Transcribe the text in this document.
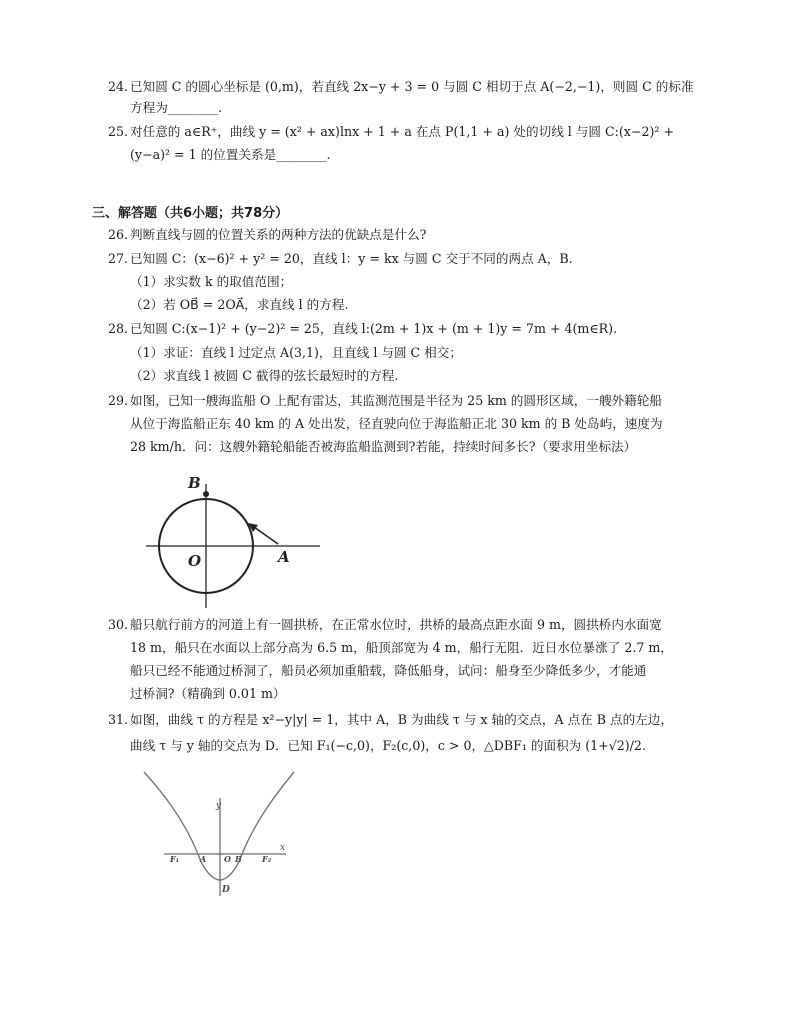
24. 已知圆 C 的圆心坐标是 (0,m)，若直线 2x−y + 3 = 0 与圆 C 相切于点 A(−2,−1)，则圆 C 的标准
方程为________.
25. 对任意的 a∈R⁺，曲线 y = (x² + ax)lnx + 1 + a 在点 P(1,1 + a) 处的切线 l 与圆 C:(x−2)² +
(y−a)² = 1 的位置关系是________.
三、解答题（共6小题；共78分）
26. 判断直线与圆的位置关系的两种方法的优缺点是什么?
27. 已知圆 C：(x−6)² + y² = 20，直线 l：y = kx 与圆 C 交于不同的两点 A，B.
（1）求实数 k 的取值范围；
（2）若 OB⃗ = 2OA⃗，求直线 l 的方程.
28. 已知圆 C:(x−1)² + (y−2)² = 25，直线 l:(2m + 1)x + (m + 1)y = 7m + 4(m∈R).
（1）求证：直线 l 过定点 A(3,1)，且直线 l 与圆 C 相交；
（2）求直线 l 被圆 C 截得的弦长最短时的方程.
29. 如图，已知一艘海监船 O 上配有雷达，其监测范围是半径为 25 km 的圆形区域，一艘外籍轮船
从位于海监船正东 40 km 的 A 处出发，径直驶向位于海监船正北 30 km 的 B 处岛屿，速度为
28 km/h．问：这艘外籍轮船能否被海监船监测到?若能，持续时间多长?（要求用坐标法）
B
O	A
30. 船只航行前方的河道上有一圆拱桥，在正常水位时，拱桥的最高点距水面 9 m，圆拱桥内水面宽
18 m，船只在水面以上部分高为 6.5 m，船顶部宽为 4 m，船行无阻．近日水位暴涨了 2.7 m，
船只已经不能通过桥洞了，船员必须加重船载，降低船身，试问：船身至少降低多少，才能通
过桥洞?（精确到 0.01 m）
31. 如图，曲线 τ 的方程是 x²−y|y| = 1，其中 A，B 为曲线 τ 与 x 轴的交点，A 点在 B 点的左边，
曲线 τ 与 y 轴的交点为 D．已知 F₁(−c,0)，F₂(c,0)，c > 0，△DBF₁ 的面积为 (1+√2)/2.
y
x
F₁	A O B	F₂
D
